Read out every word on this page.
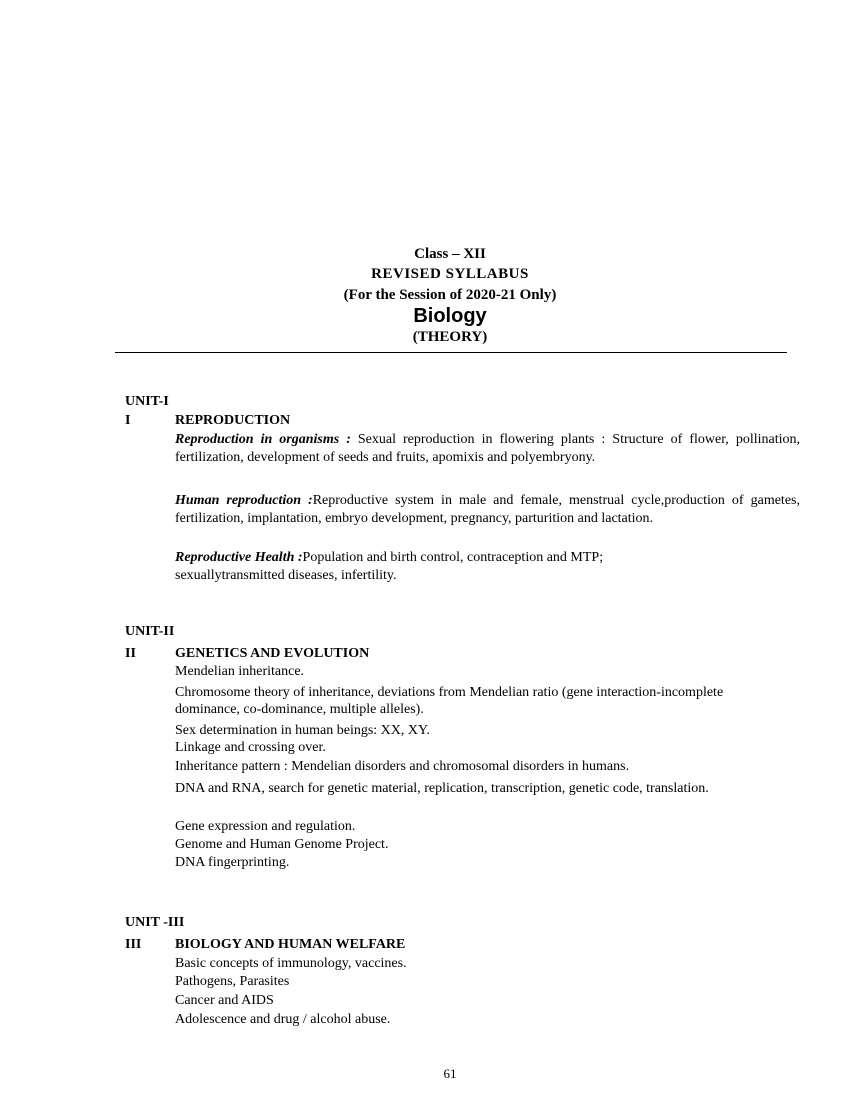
Class – XII
REVISED SYLLABUS
(For the Session of 2020-21 Only)
Biology
(THEORY)
UNIT-I
I	REPRODUCTION

Reproduction in organisms : Sexual reproduction in flowering plants : Structure of flower, pollination, fertilization, development of seeds and fruits, apomixis and polyembryony.

Human reproduction :Reproductive system in male and female, menstrual cycle,production of gametes, fertilization, implantation, embryo development, pregnancy, parturition and lactation.

Reproductive Health :Population and birth control, contraception and MTP; sexuallytransmitted diseases, infertility.

UNIT-II
II	GENETICS AND EVOLUTION

Mendelian inheritance.

Chromosome theory of inheritance, deviations from Mendelian ratio (gene interaction-incomplete dominance, co-dominance, multiple alleles).

Sex determination in human beings: XX, XY.

Linkage and crossing over.

Inheritance pattern : Mendelian disorders and chromosomal disorders in humans.

DNA and RNA, search for genetic material, replication, transcription, genetic code, translation.

Gene expression and regulation.

Genome and Human Genome Project.

DNA fingerprinting.

UNIT -III
III BIOLOGY AND HUMAN WELFARE

Basic concepts of immunology, vaccines.

Pathogens, Parasites

Cancer and AIDS

Adolescence and drug / alcohol abuse.

61
